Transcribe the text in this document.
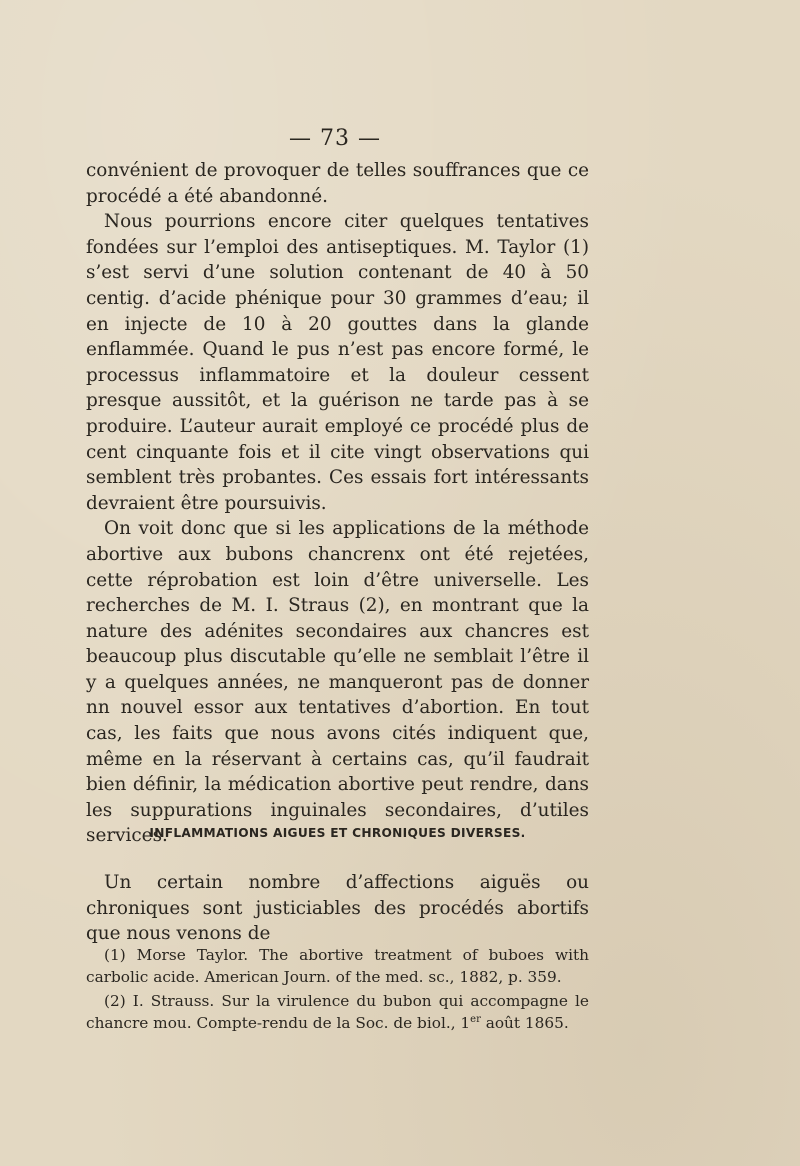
— 73 —

convénient de provoquer de telles souffrances que ce procédé a été abandonné.

Nous pourrions encore citer quelques tentatives fondées sur l’emploi des antiseptiques. M. Taylor (1) s’est servi d’une solution contenant de 40 à 50 centig. d’acide phénique pour 30 grammes d’eau; il en injecte de 10 à 20 gouttes dans la glande enflammée. Quand le pus n’est pas encore formé, le processus inflammatoire et la douleur cessent presque aussitôt, et la guérison ne tarde pas à se produire. L’auteur aurait employé ce procédé plus de cent cinquante fois et il cite vingt observations qui semblent très probantes. Ces essais fort intéressants devraient être poursuivis.

On voit donc que si les applications de la méthode abortive aux bubons chancrenx ont été rejetées, cette réprobation est loin d’être universelle. Les recherches de M. I. Straus (2), en montrant que la nature des adénites secondaires aux chancres est beaucoup plus discutable qu’elle ne semblait l’être il y a quelques années, ne manqueront pas de donner nn nouvel essor aux tentatives d’abortion. En tout cas, les faits que nous avons cités indiquent que, même en la réservant à certains cas, qu’il faudrait bien définir, la médication abortive peut rendre, dans les suppurations inguinales secondaires, d’utiles services.

INFLAMMATIONS AIGUES ET CHRONIQUES DIVERSES.

Un certain nombre d’affections aiguës ou chroniques sont justiciables des procédés abortifs que nous venons de

(1) Morse Taylor. The abortive treatment of buboes with carbolic acide. American Journ. of the med. sc., 1882, p. 359.

(2) I. Strauss. Sur la virulence du bubon qui accompagne le chancre mou. Compte-rendu de la Soc. de biol., 1er août 1865.
